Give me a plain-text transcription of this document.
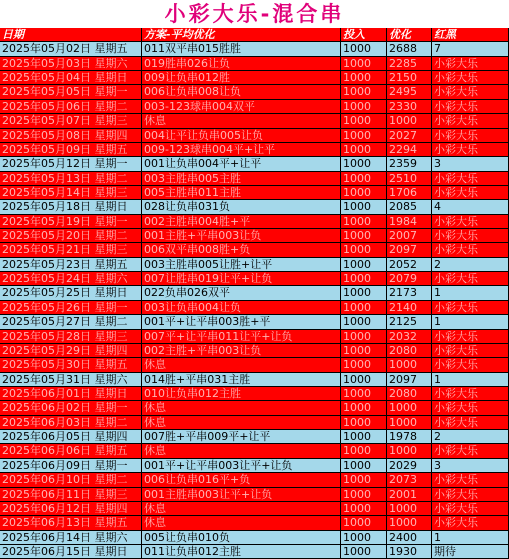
小彩大乐-混合串
日期	方案-平均优化	投入	优化	红黑
2025年05月02日 星期五	011双平串015胜胜	1000	2688	7
2025年05月03日 星期六	019胜串026让负	1000	2285	小彩大乐
2025年05月04日 星期日	009让负串012胜	1000	2150	小彩大乐
2025年05月05日 星期一	006让负串008让负	1000	2495	小彩大乐
2025年05月06日 星期二	003-123球串004双平	1000	2330	小彩大乐
2025年05月07日 星期三	休息	1000	1000	小彩大乐
2025年05月08日 星期四	004让平让负串005让负	1000	2027	小彩大乐
2025年05月09日 星期五	009-123球串004平+让平	1000	2294	小彩大乐
2025年05月12日 星期一	001让负串004平+让平	1000	2359	3
2025年05月13日 星期二	003主胜串005主胜	1000	2510	小彩大乐
2025年05月14日 星期三	005主胜串011主胜	1000	1706	小彩大乐
2025年05月18日 星期日	028让负串031负	1000	2085	4
2025年05月19日 星期一	002主胜串004胜+平	1000	1984	小彩大乐
2025年05月20日 星期二	001主胜+平串003让负	1000	2007	小彩大乐
2025年05月21日 星期三	006双平串008胜+负	1000	2097	小彩大乐
2025年05月23日 星期五	003主胜串005让胜+让平	1000	2052	2
2025年05月24日 星期六	007让胜串019让平+让负	1000	2079	小彩大乐
2025年05月25日 星期日	022负串026双平	1000	2173	1
2025年05月26日 星期一	003让负串004让负	1000	2140	小彩大乐
2025年05月27日 星期二	001平+让平串003胜+平	1000	2125	1
2025年05月28日 星期三	007平+让平串011让平+让负	1000	2032	小彩大乐
2025年05月29日 星期四	002主胜+平串003让负	1000	2080	小彩大乐
2025年05月30日 星期五	休息	1000	1000	小彩大乐
2025年05月31日 星期六	014胜+平串031主胜	1000	2097	1
2025年06月01日 星期日	010让负串012主胜	1000	2080	小彩大乐
2025年06月02日 星期一	休息	1000	1000	小彩大乐
2025年06月03日 星期二	休息	1000	1000	小彩大乐
2025年06月05日 星期四	007胜+平串009平+让平	1000	1978	2
2025年06月06日 星期五	休息	1000	1000	小彩大乐
2025年06月09日 星期一	001平+让平串003让平+让负	1000	2029	3
2025年06月10日 星期二	006让负串016平+负	1000	2073	小彩大乐
2025年06月11日 星期三	001主胜串003让平+让负	1000	2001	小彩大乐
2025年06月12日 星期四	休息	1000	1000	小彩大乐
2025年06月13日 星期五	休息	1000	1000	小彩大乐
2025年06月14日 星期六	005让负串010负	1000	2400	1
2025年06月15日 星期日	011让负串012主胜	1000	1930	期待
